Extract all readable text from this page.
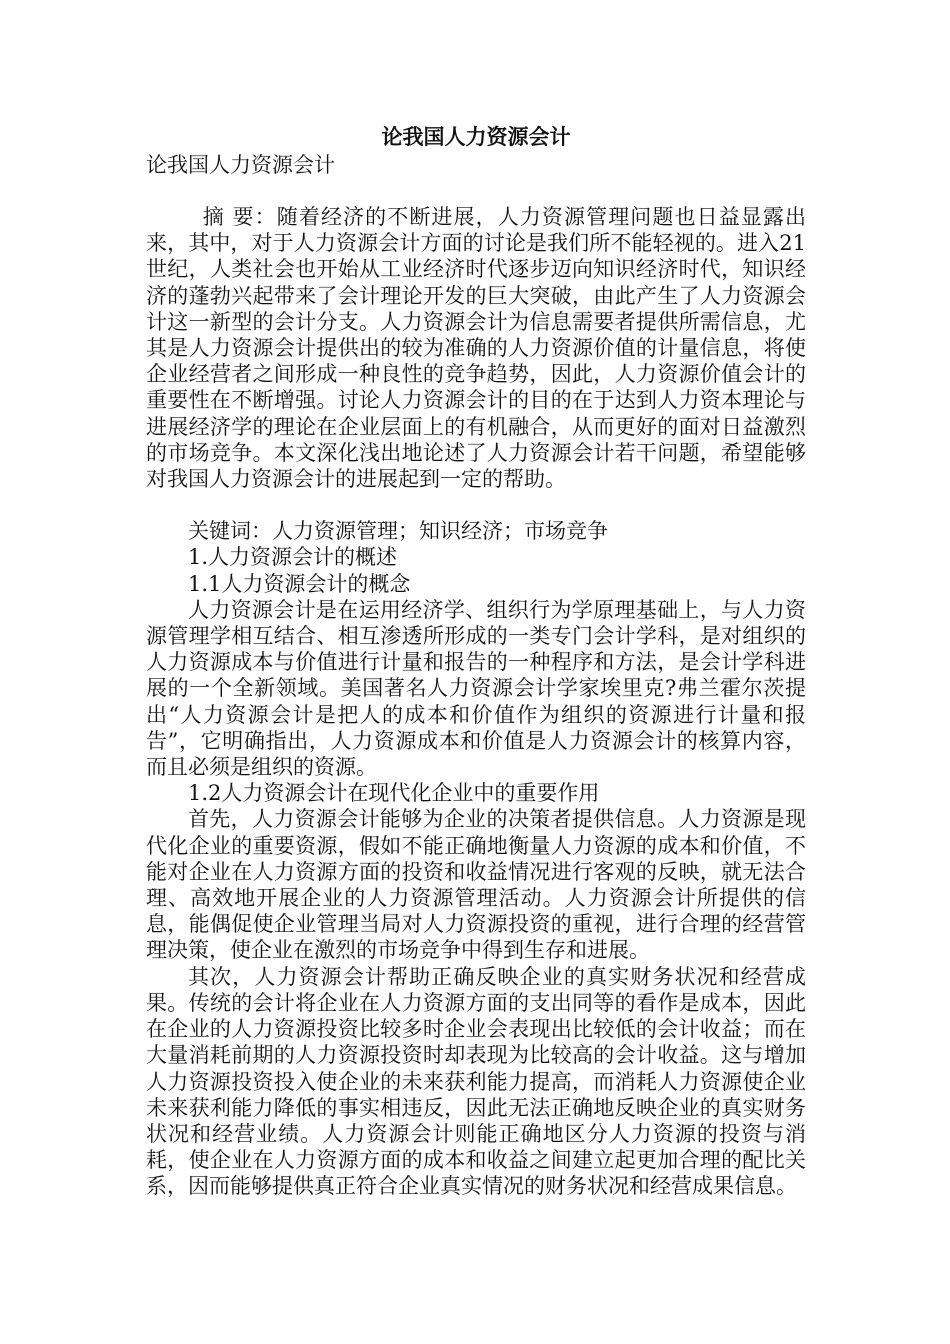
论我国人力资源会计

论我国人力资源会计

摘 要：随着经济的不断进展，人力资源管理问题也日益显露出来，其中，对于人力资源会计方面的讨论是我们所不能轻视的。进入21世纪，人类社会也开始从工业经济时代逐步迈向知识经济时代，知识经济的蓬勃兴起带来了会计理论开发的巨大突破，由此产生了人力资源会计这一新型的会计分支。人力资源会计为信息需要者提供所需信息，尤其是人力资源会计提供出的较为准确的人力资源价值的计量信息，将使企业经营者之间形成一种良性的竞争趋势，因此，人力资源价值会计的重要性在不断增强。讨论人力资源会计的目的在于达到人力资本理论与进展经济学的理论在企业层面上的有机融合，从而更好的面对日益激烈的市场竞争。本文深化浅出地论述了人力资源会计若干问题，希望能够对我国人力资源会计的进展起到一定的帮助。

关键词：人力资源管理；知识经济；市场竞争

1.人力资源会计的概述

1.1人力资源会计的概念

人力资源会计是在运用经济学、组织行为学原理基础上，与人力资源管理学相互结合、相互渗透所形成的一类专门会计学科，是对组织的人力资源成本与价值进行计量和报告的一种程序和方法，是会计学科进展的一个全新领域。美国著名人力资源会计学家埃里克?弗兰霍尔茨提出“人力资源会计是把人的成本和价值作为组织的资源进行计量和报告”，它明确指出，人力资源成本和价值是人力资源会计的核算内容，而且必须是组织的资源。

1.2人力资源会计在现代化企业中的重要作用

首先，人力资源会计能够为企业的决策者提供信息。人力资源是现代化企业的重要资源，假如不能正确地衡量人力资源的成本和价值，不能对企业在人力资源方面的投资和收益情况进行客观的反映，就无法合理、高效地开展企业的人力资源管理活动。人力资源会计所提供的信息，能偶促使企业管理当局对人力资源投资的重视，进行合理的经营管理决策，使企业在激烈的市场竞争中得到生存和进展。

其次，人力资源会计帮助正确反映企业的真实财务状况和经营成果。传统的会计将企业在人力资源方面的支出同等的看作是成本，因此在企业的人力资源投资比较多时企业会表现出比较低的会计收益；而在大量消耗前期的人力资源投资时却表现为比较高的会计收益。这与增加人力资源投资投入使企业的未来获利能力提高，而消耗人力资源使企业未来获利能力降低的事实相违反，因此无法正确地反映企业的真实财务状况和经营业绩。人力资源会计则能正确地区分人力资源的投资与消耗，使企业在人力资源方面的成本和收益之间建立起更加合理的配比关系，因而能够提供真正符合企业真实情况的财务状况和经营成果信息。
